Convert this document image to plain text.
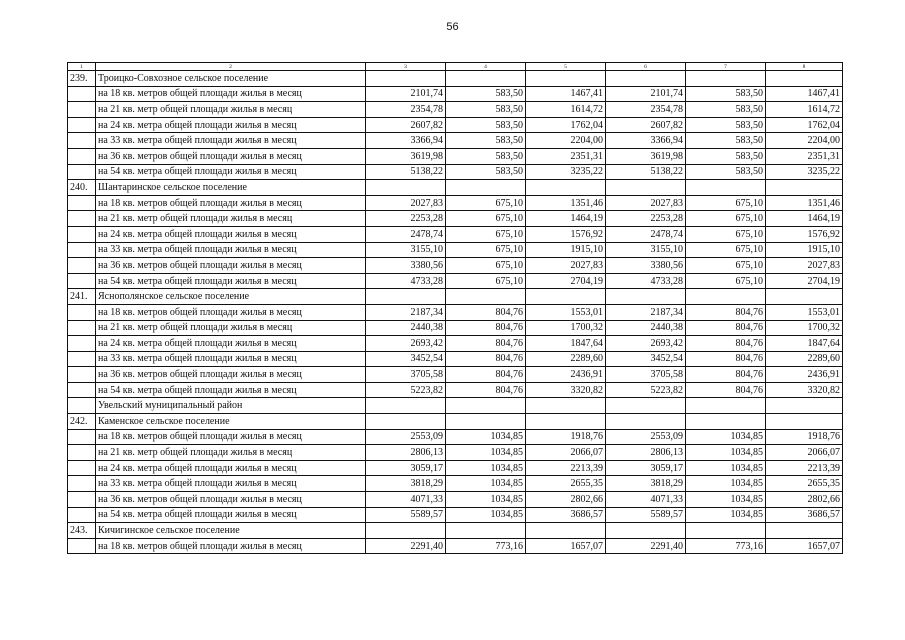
56
1	2	3	4	5	6	7	8
239.	Троицко-Совхозное сельское поселение						
	на 18 кв. метров общей площади жилья в месяц	2101,74	583,50	1467,41	2101,74	583,50	1467,41
	на 21 кв. метр общей площади жилья в месяц	2354,78	583,50	1614,72	2354,78	583,50	1614,72
	на 24 кв. метра общей площади жилья в месяц	2607,82	583,50	1762,04	2607,82	583,50	1762,04
	на 33 кв. метра общей площади жилья в месяц	3366,94	583,50	2204,00	3366,94	583,50	2204,00
	на 36 кв. метров общей площади жилья в месяц	3619,98	583,50	2351,31	3619,98	583,50	2351,31
	на 54 кв. метра общей площади жилья в месяц	5138,22	583,50	3235,22	5138,22	583,50	3235,22
240.	Шантаринское сельское поселение						
	на 18 кв. метров общей площади жилья в месяц	2027,83	675,10	1351,46	2027,83	675,10	1351,46
	на 21 кв. метр общей площади жилья в месяц	2253,28	675,10	1464,19	2253,28	675,10	1464,19
	на 24 кв. метра общей площади жилья в месяц	2478,74	675,10	1576,92	2478,74	675,10	1576,92
	на 33 кв. метра общей площади жилья в месяц	3155,10	675,10	1915,10	3155,10	675,10	1915,10
	на 36 кв. метров общей площади жилья в месяц	3380,56	675,10	2027,83	3380,56	675,10	2027,83
	на 54 кв. метра общей площади жилья в месяц	4733,28	675,10	2704,19	4733,28	675,10	2704,19
241.	Яснополянское сельское поселение						
	на 18 кв. метров общей площади жилья в месяц	2187,34	804,76	1553,01	2187,34	804,76	1553,01
	на 21 кв. метр общей площади жилья в месяц	2440,38	804,76	1700,32	2440,38	804,76	1700,32
	на 24 кв. метра общей площади жилья в месяц	2693,42	804,76	1847,64	2693,42	804,76	1847,64
	на 33 кв. метра общей площади жилья в месяц	3452,54	804,76	2289,60	3452,54	804,76	2289,60
	на 36 кв. метров общей площади жилья в месяц	3705,58	804,76	2436,91	3705,58	804,76	2436,91
	на 54 кв. метра общей площади жилья в месяц	5223,82	804,76	3320,82	5223,82	804,76	3320,82
	Увельский муниципальный район						
242.	Каменское сельское поселение						
	на 18 кв. метров общей площади жилья в месяц	2553,09	1034,85	1918,76	2553,09	1034,85	1918,76
	на 21 кв. метр общей площади жилья в месяц	2806,13	1034,85	2066,07	2806,13	1034,85	2066,07
	на 24 кв. метра общей площади жилья в месяц	3059,17	1034,85	2213,39	3059,17	1034,85	2213,39
	на 33 кв. метра общей площади жилья в месяц	3818,29	1034,85	2655,35	3818,29	1034,85	2655,35
	на 36 кв. метров общей площади жилья в месяц	4071,33	1034,85	2802,66	4071,33	1034,85	2802,66
	на 54 кв. метра общей площади жилья в месяц	5589,57	1034,85	3686,57	5589,57	1034,85	3686,57
243.	Кичигинское сельское поселение						
	на 18 кв. метров общей площади жилья в месяц	2291,40	773,16	1657,07	2291,40	773,16	1657,07
